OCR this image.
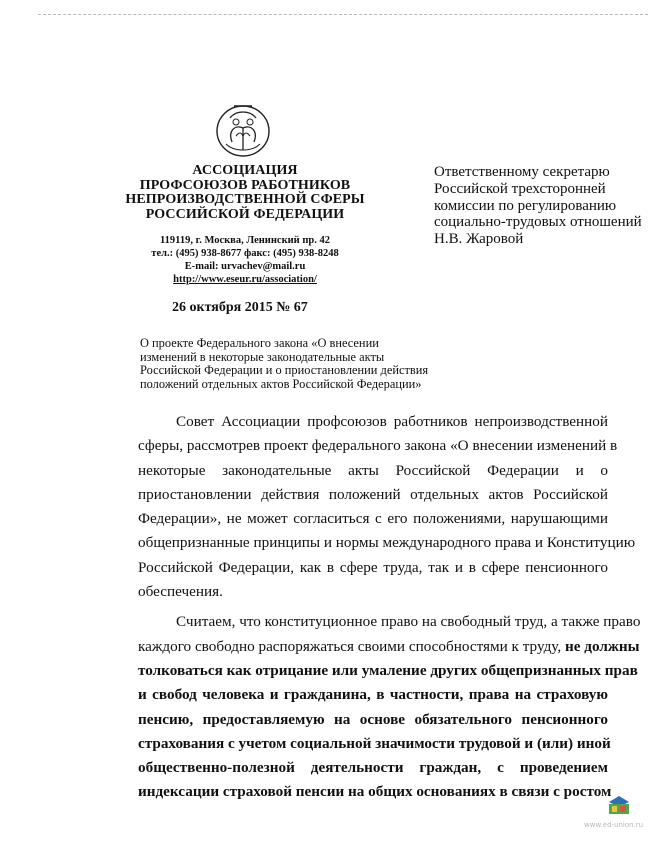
АССОЦИАЦИЯ
ПРОФСОЮЗОВ РАБОТНИКОВ
НЕПРОИЗВОДСТВЕННОЙ СФЕРЫ
РОССИЙСКОЙ ФЕДЕРАЦИИ
119119, г. Москва, Ленинский пр. 42
тел.: (495) 938-8677 факс: (495) 938-8248
E-mail: urvachev@mail.ru
http://www.eseur.ru/association/
26 октября 2015 № 67
Ответственному секретарю
Российской трехсторонней
комиссии по регулированию
социально-трудовых отношений
Н.В. Жаровой
О проекте Федерального закона «О внесении
изменений в некоторые законодательные акты
Российской Федерации и о приостановлении действия
положений отдельных актов Российской Федерации»

Совет Ассоциации профсоюзов работников непроизводственной
сферы, рассмотрев проект федерального закона «О внесении изменений в
некоторые законодательные акты Российской Федерации и о
приостановлении действия положений отдельных актов Российской
Федерации», не может согласиться с его положениями, нарушающими
общепризнанные принципы и нормы международного права и Конституцию
Российской Федерации, как в сфере труда, так и в сфере пенсионного
обеспечения.

Считаем, что конституционное право на свободный труд, а также право
каждого свободно распоряжаться своими способностями к труду, не должны
толковаться как отрицание или умаление других общепризнанных прав
и свобод человека и гражданина, в частности, права на страховую
пенсию, предоставляемую на основе обязательного пенсионного
страхования с учетом социальной значимости трудовой и (или) иной
общественно-полезной деятельности граждан, с проведением
индексации страховой пенсии на общих основаниях в связи с ростом

www.ed-union.ru
